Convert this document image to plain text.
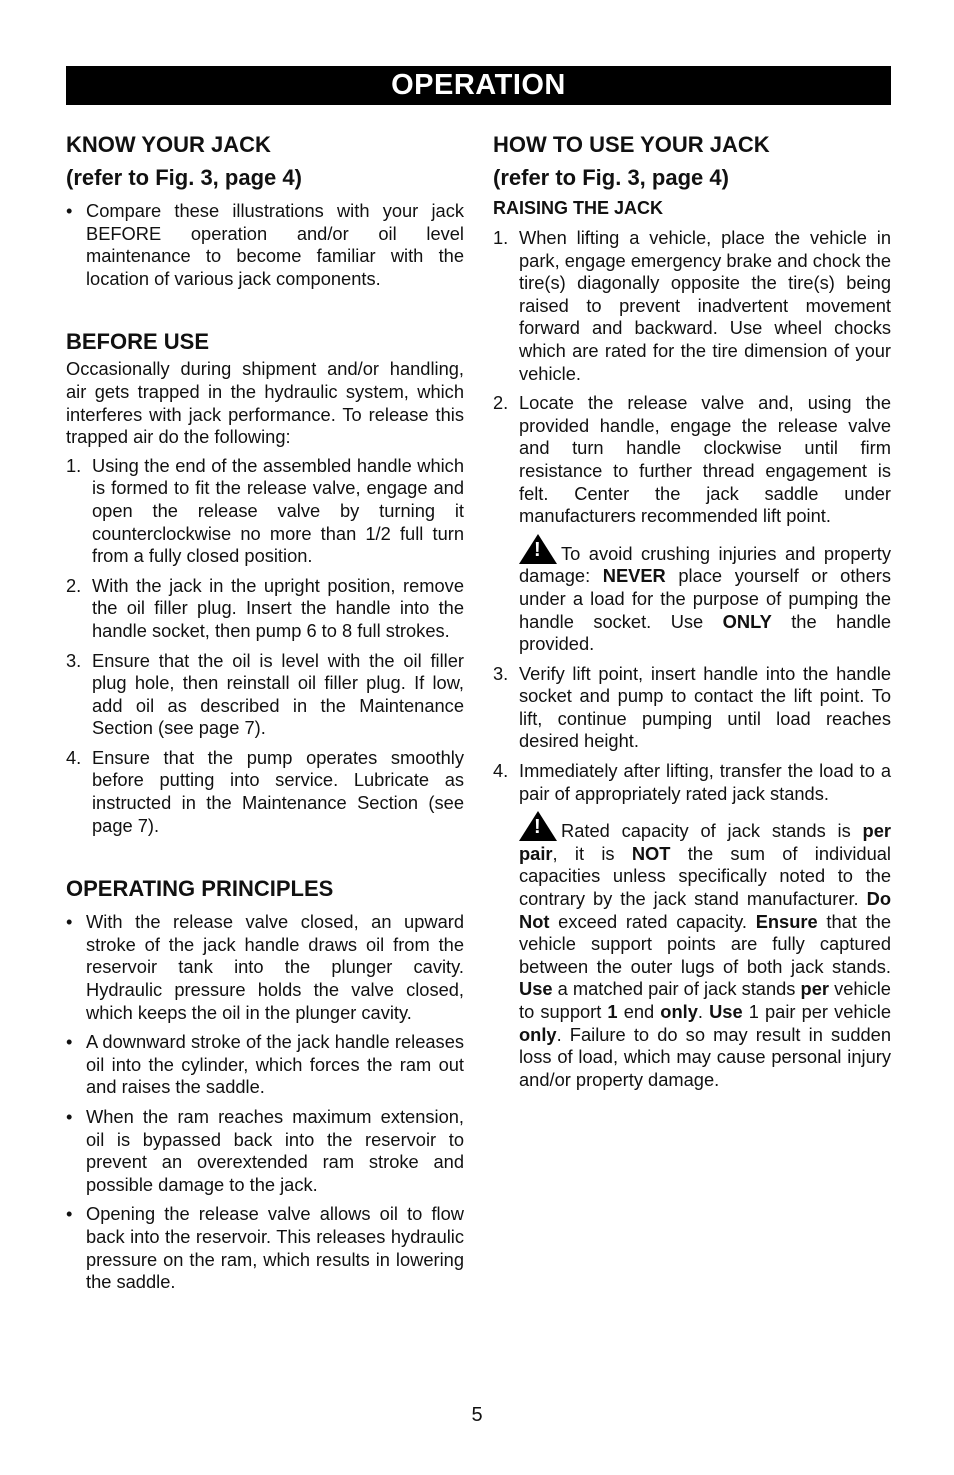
OPERATION
KNOW YOUR JACK
(refer to Fig. 3, page 4)
• Compare these illustrations with your jack BEFORE operation and/or oil level maintenance to become familiar with the location of various jack components.
BEFORE USE
Occasionally during shipment and/or handling, air gets trapped in the hydraulic system, which interferes with jack performance. To release this trapped air do the following:
1. Using the end of the assembled handle which is formed to fit the release valve, engage and open the release valve by turning it counterclockwise no more than 1/2 full turn from a fully closed position.
2. With the jack in the upright position, remove the oil filler plug. Insert the handle into the handle socket, then pump 6 to 8 full strokes.
3. Ensure that the oil is level with the oil filler plug hole, then reinstall oil filler plug. If low, add oil as described in the Maintenance Section (see page 7).
4. Ensure that the pump operates smoothly before putting into service. Lubricate as instructed in the Maintenance Section (see page 7).
OPERATING PRINCIPLES
• With the release valve closed, an upward stroke of the jack handle draws oil from the reservoir tank into the plunger cavity. Hydraulic pressure holds the valve closed, which keeps the oil in the plunger cavity.
• A downward stroke of the jack handle releases oil into the cylinder, which forces the ram out and raises the saddle.
• When the ram reaches maximum extension, oil is bypassed back into the reservoir to prevent an overextended ram stroke and possible damage to the jack.
• Opening the release valve allows oil to flow back into the reservoir. This releases hydraulic pressure on the ram, which results in lowering the saddle.
HOW TO USE YOUR JACK
(refer to Fig. 3, page 4)
RAISING THE JACK
1. When lifting a vehicle, place the vehicle in park, engage emergency brake and chock the tire(s) diagonally opposite the tire(s) being raised to prevent inadvertent movement forward and backward. Use wheel chocks which are rated for the tire dimension of your vehicle.
2. Locate the release valve and, using the provided handle, engage the release valve and turn handle clockwise until firm resistance to further thread engagement is felt. Center the jack saddle under manufacturers recommended lift point.
!To avoid crushing injuries and property damage: NEVER place yourself or others under a load for the purpose of pumping the handle socket. Use ONLY the handle provided.
3. Verify lift point, insert handle into the handle socket and pump to contact the lift point. To lift, continue pumping until load reaches desired height.
4. Immediately after lifting, transfer the load to a pair of appropriately rated jack stands.
!Rated capacity of jack stands is per pair, it is NOT the sum of individual capacities unless specifically noted to the contrary by the jack stand manufacturer. Do Not exceed rated capacity. Ensure that the vehicle support points are fully captured between the outer lugs of both jack stands. Use a matched pair of jack stands per vehicle to support 1 end only. Use 1 pair per vehicle only. Failure to do so may result in sudden loss of load, which may cause personal injury and/or property damage.
5
